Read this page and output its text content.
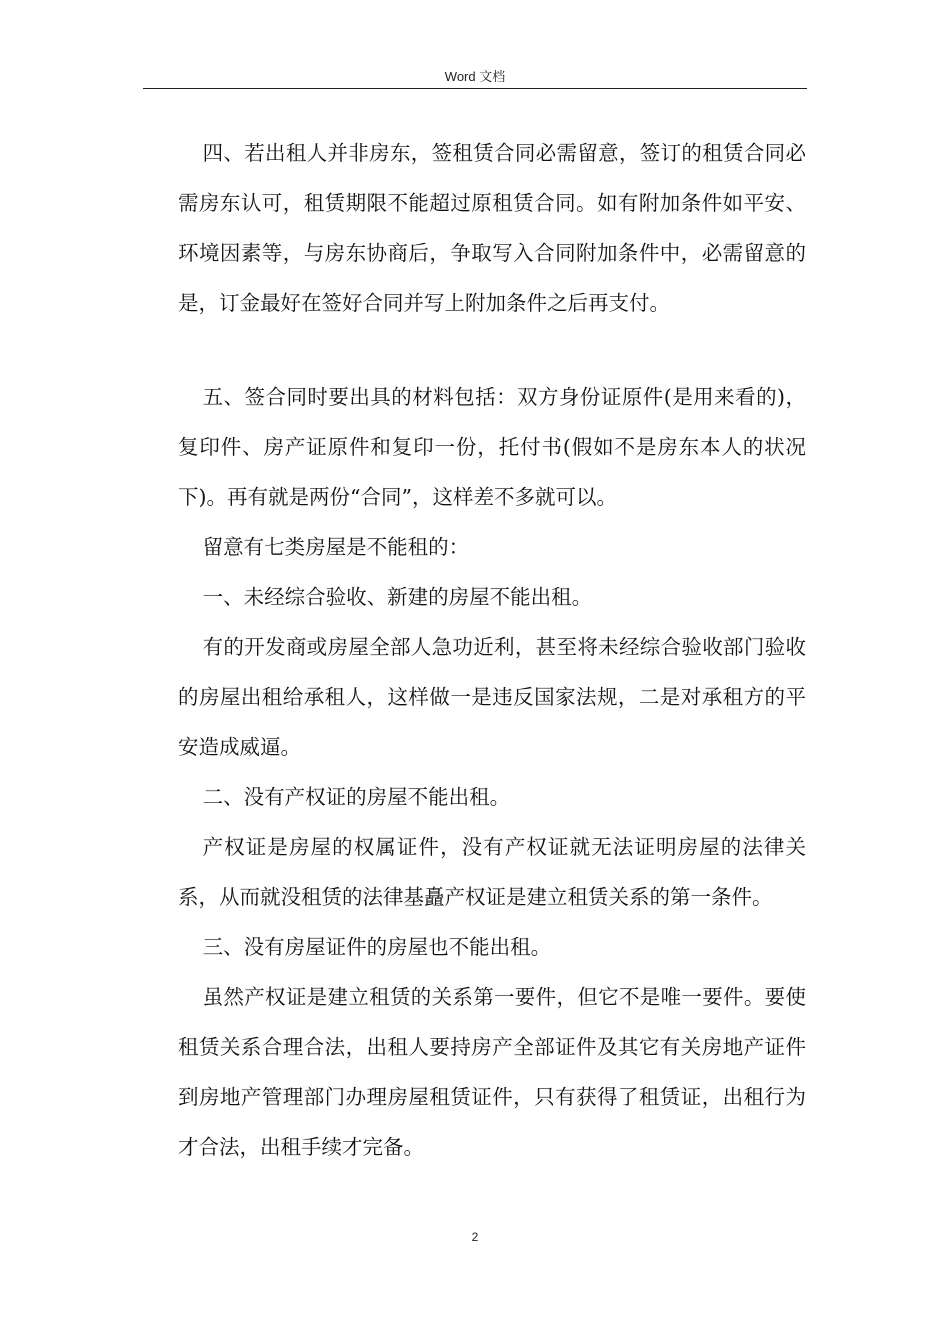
Word 文档

四、若出租人并非房东，签租赁合同必需留意，签订的租赁合同必需房东认可，租赁期限不能超过原租赁合同。如有附加条件如平安、环境因素等，与房东协商后，争取写入合同附加条件中，必需留意的是，订金最好在签好合同并写上附加条件之后再支付。

五、签合同时要出具的材料包括：双方身份证原件(是用来看的)，复印件、房产证原件和复印一份，托付书(假如不是房东本人的状况下)。再有就是两份“合同”，这样差不多就可以。

留意有七类房屋是不能租的：

一、未经综合验收、新建的房屋不能出租。

有的开发商或房屋全部人急功近利，甚至将未经综合验收部门验收的房屋出租给承租人，这样做一是违反国家法规，二是对承租方的平安造成威逼。

二、没有产权证的房屋不能出租。

产权证是房屋的权属证件，没有产权证就无法证明房屋的法律关系，从而就没租赁的法律基矗产权证是建立租赁关系的第一条件。

三、没有房屋证件的房屋也不能出租。

虽然产权证是建立租赁的关系第一要件，但它不是唯一要件。要使租赁关系合理合法，出租人要持房产全部证件及其它有关房地产证件到房地产管理部门办理房屋租赁证件，只有获得了租赁证，出租行为才合法，出租手续才完备。

2
